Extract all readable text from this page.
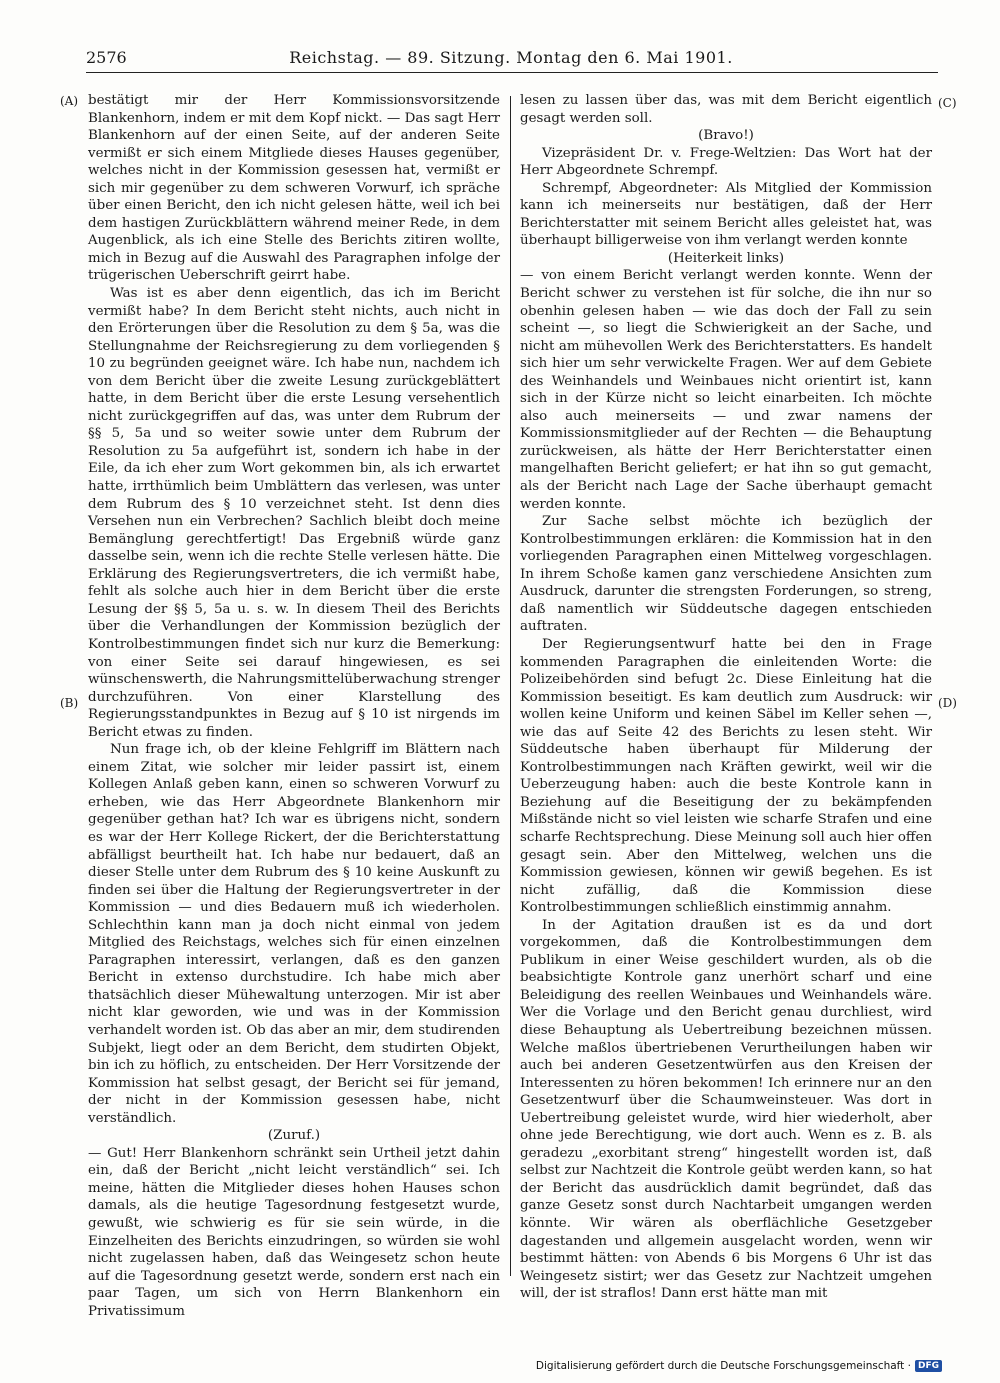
2576	Reichstag. — 89. Sitzung. Montag den 6. Mai 1901.
(A)
(B)
(C)
(D)

bestätigt mir der Herr Kommissionsvorsitzende Blankenhorn, indem er mit dem Kopf nickt. — Das sagt Herr Blankenhorn auf der einen Seite, auf der anderen Seite vermißt er sich einem Mitgliede dieses Hauses gegenüber, welches nicht in der Kommission gesessen hat, vermißt er sich mir gegenüber zu dem schweren Vorwurf, ich spräche über einen Bericht, den ich nicht gelesen hätte, weil ich bei dem hastigen Zurückblättern während meiner Rede, in dem Augenblick, als ich eine Stelle des Berichts zitiren wollte, mich in Bezug auf die Auswahl des Paragraphen infolge der trügerischen Ueberschrift geirrt habe.

Was ist es aber denn eigentlich, das ich im Bericht vermißt habe? In dem Bericht steht nichts, auch nicht in den Erörterungen über die Resolution zu dem § 5a, was die Stellungnahme der Reichsregierung zu dem vorliegenden § 10 zu begründen geeignet wäre. Ich habe nun, nachdem ich von dem Bericht über die zweite Lesung zurückgeblättert hatte, in dem Bericht über die erste Lesung versehentlich nicht zurückgegriffen auf das, was unter dem Rubrum der §§ 5, 5a und so weiter sowie unter dem Rubrum der Resolution zu 5a aufgeführt ist, sondern ich habe in der Eile, da ich eher zum Wort gekommen bin, als ich erwartet hatte, irrthümlich beim Umblättern das verlesen, was unter dem Rubrum des § 10 verzeichnet steht. Ist denn dies Versehen nun ein Verbrechen? Sachlich bleibt doch meine Bemänglung gerechtfertigt! Das Ergebniß würde ganz dasselbe sein, wenn ich die rechte Stelle verlesen hätte. Die Erklärung des Regierungsvertreters, die ich vermißt habe, fehlt als solche auch hier in dem Bericht über die erste Lesung der §§ 5, 5a u. s. w. In diesem Theil des Berichts über die Verhandlungen der Kommission bezüglich der Kontrolbestimmungen findet sich nur kurz die Bemerkung: von einer Seite sei darauf hingewiesen, es sei wünschenswerth, die Nahrungsmittelüberwachung strenger durchzuführen. Von einer Klarstellung des Regierungsstandpunktes in Bezug auf § 10 ist nirgends im Bericht etwas zu finden.

Nun frage ich, ob der kleine Fehlgriff im Blättern nach einem Zitat, wie solcher mir leider passirt ist, einem Kollegen Anlaß geben kann, einen so schweren Vorwurf zu erheben, wie das Herr Abgeordnete Blankenhorn mir gegenüber gethan hat? Ich war es übrigens nicht, sondern es war der Herr Kollege Rickert, der die Berichterstattung abfälligst beurtheilt hat. Ich habe nur bedauert, daß an dieser Stelle unter dem Rubrum des § 10 keine Auskunft zu finden sei über die Haltung der Regierungsvertreter in der Kommission — und dies Bedauern muß ich wiederholen. Schlechthin kann man ja doch nicht einmal von jedem Mitglied des Reichstags, welches sich für einen einzelnen Paragraphen interessirt, verlangen, daß es den ganzen Bericht in extenso durchstudire. Ich habe mich aber thatsächlich dieser Mühewaltung unterzogen. Mir ist aber nicht klar geworden, wie und was in der Kommission verhandelt worden ist. Ob das aber an mir, dem studirenden Subjekt, liegt oder an dem Bericht, dem studirten Objekt, bin ich zu höflich, zu entscheiden. Der Herr Vorsitzende der Kommission hat selbst gesagt, der Bericht sei für jemand, der nicht in der Kommission gesessen habe, nicht verständlich.

(Zuruf.)

— Gut! Herr Blankenhorn schränkt sein Urtheil jetzt dahin ein, daß der Bericht „nicht leicht verständlich“ sei. Ich meine, hätten die Mitglieder dieses hohen Hauses schon damals, als die heutige Tagesordnung festgesetzt wurde, gewußt, wie schwierig es für sie sein würde, in die Einzelheiten des Berichts einzudringen, so würden sie wohl nicht zugelassen haben, daß das Weingesetz schon heute auf die Tagesordnung gesetzt werde, sondern erst nach ein paar Tagen, um sich von Herrn Blankenhorn ein Privatissimum

lesen zu lassen über das, was mit dem Bericht eigentlich gesagt werden soll.

(Bravo!)

Vizepräsident Dr. v. Frege-Weltzien: Das Wort hat der Herr Abgeordnete Schrempf.

Schrempf, Abgeordneter: Als Mitglied der Kommission kann ich meinerseits nur bestätigen, daß der Herr Berichterstatter mit seinem Bericht alles geleistet hat, was überhaupt billigerweise von ihm verlangt werden konnte

(Heiterkeit links)

— von einem Bericht verlangt werden konnte. Wenn der Bericht schwer zu verstehen ist für solche, die ihn nur so obenhin gelesen haben — wie das doch der Fall zu sein scheint —, so liegt die Schwierigkeit an der Sache, und nicht am mühevollen Werk des Berichterstatters. Es handelt sich hier um sehr verwickelte Fragen. Wer auf dem Gebiete des Weinhandels und Weinbaues nicht orientirt ist, kann sich in der Kürze nicht so leicht einarbeiten. Ich möchte also auch meinerseits — und zwar namens der Kommissionsmitglieder auf der Rechten — die Behauptung zurückweisen, als hätte der Herr Berichterstatter einen mangelhaften Bericht geliefert; er hat ihn so gut gemacht, als der Bericht nach Lage der Sache überhaupt gemacht werden konnte.

Zur Sache selbst möchte ich bezüglich der Kontrolbestimmungen erklären: die Kommission hat in den vorliegenden Paragraphen einen Mittelweg vorgeschlagen. In ihrem Schoße kamen ganz verschiedene Ansichten zum Ausdruck, darunter die strengsten Forderungen, so streng, daß namentlich wir Süddeutsche dagegen entschieden auftraten.

Der Regierungsentwurf hatte bei den in Frage kommenden Paragraphen die einleitenden Worte: die Polizeibehörden sind befugt 2c. Diese Einleitung hat die Kommission beseitigt. Es kam deutlich zum Ausdruck: wir wollen keine Uniform und keinen Säbel im Keller sehen —, wie das auf Seite 42 des Berichts zu lesen steht. Wir Süddeutsche haben überhaupt für Milderung der Kontrolbestimmungen nach Kräften gewirkt, weil wir die Ueberzeugung haben: auch die beste Kontrole kann in Beziehung auf die Beseitigung der zu bekämpfenden Mißstände nicht so viel leisten wie scharfe Strafen und eine scharfe Rechtsprechung. Diese Meinung soll auch hier offen gesagt sein. Aber den Mittelweg, welchen uns die Kommission gewiesen, können wir gewiß begehen. Es ist nicht zufällig, daß die Kommission diese Kontrolbestimmungen schließlich einstimmig annahm.

In der Agitation draußen ist es da und dort vorgekommen, daß die Kontrolbestimmungen dem Publikum in einer Weise geschildert wurden, als ob die beabsichtigte Kontrole ganz unerhört scharf und eine Beleidigung des reellen Weinbaues und Weinhandels wäre. Wer die Vorlage und den Bericht genau durchliest, wird diese Behauptung als Uebertreibung bezeichnen müssen. Welche maßlos übertriebenen Verurtheilungen haben wir auch bei anderen Gesetzentwürfen aus den Kreisen der Interessenten zu hören bekommen! Ich erinnere nur an den Gesetzentwurf über die Schaumweinsteuer. Was dort in Uebertreibung geleistet wurde, wird hier wiederholt, aber ohne jede Berechtigung, wie dort auch. Wenn es z. B. als geradezu „exorbitant streng“ hingestellt worden ist, daß selbst zur Nachtzeit die Kontrole geübt werden kann, so hat der Bericht das ausdrücklich damit begründet, daß das ganze Gesetz sonst durch Nachtarbeit umgangen werden könnte. Wir wären als oberflächliche Gesetzgeber dagestanden und allgemein ausgelacht worden, wenn wir bestimmt hätten: von Abends 6 bis Morgens 6 Uhr ist das Weingesetz sistirt; wer das Gesetz zur Nachtzeit umgehen will, der ist straflos! Dann erst hätte man mit

Digitalisierung gefördert durch die Deutsche Forschungsgemeinschaft · DFG
